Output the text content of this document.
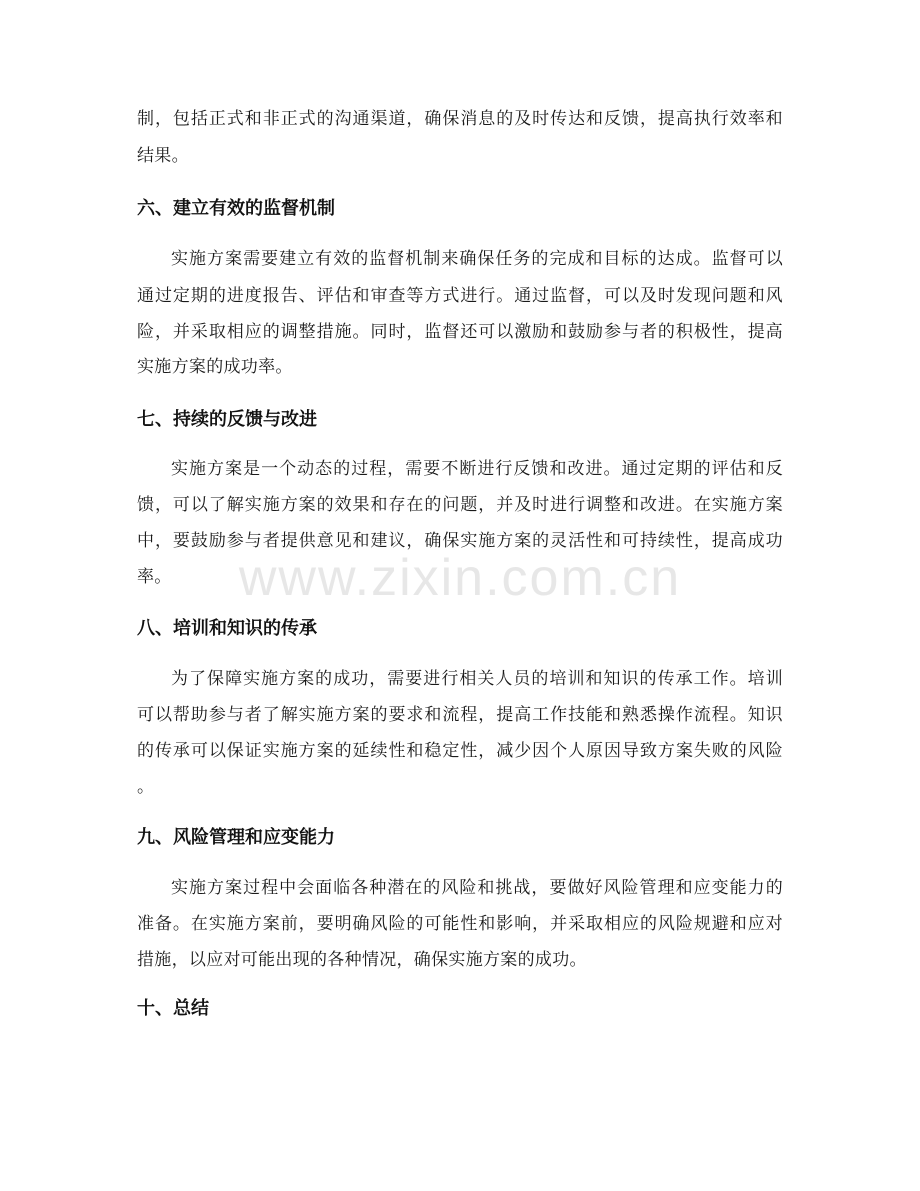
www.zixin.com.cn
制，包括正式和非正式的沟通渠道，确保消息的及时传达和反馈，提高执行效率和
结果。
六、建立有效的监督机制
实施方案需要建立有效的监督机制来确保任务的完成和目标的达成。监督可以
通过定期的进度报告、评估和审查等方式进行。通过监督，可以及时发现问题和风
险，并采取相应的调整措施。同时，监督还可以激励和鼓励参与者的积极性，提高
实施方案的成功率。
七、持续的反馈与改进
实施方案是一个动态的过程，需要不断进行反馈和改进。通过定期的评估和反
馈，可以了解实施方案的效果和存在的问题，并及时进行调整和改进。在实施方案
中，要鼓励参与者提供意见和建议，确保实施方案的灵活性和可持续性，提高成功
率。
八、培训和知识的传承
为了保障实施方案的成功，需要进行相关人员的培训和知识的传承工作。培训
可以帮助参与者了解实施方案的要求和流程，提高工作技能和熟悉操作流程。知识
的传承可以保证实施方案的延续性和稳定性，减少因个人原因导致方案失败的风险
。
九、风险管理和应变能力
实施方案过程中会面临各种潜在的风险和挑战，要做好风险管理和应变能力的
准备。在实施方案前，要明确风险的可能性和影响，并采取相应的风险规避和应对
措施，以应对可能出现的各种情况，确保实施方案的成功。
十、总结
